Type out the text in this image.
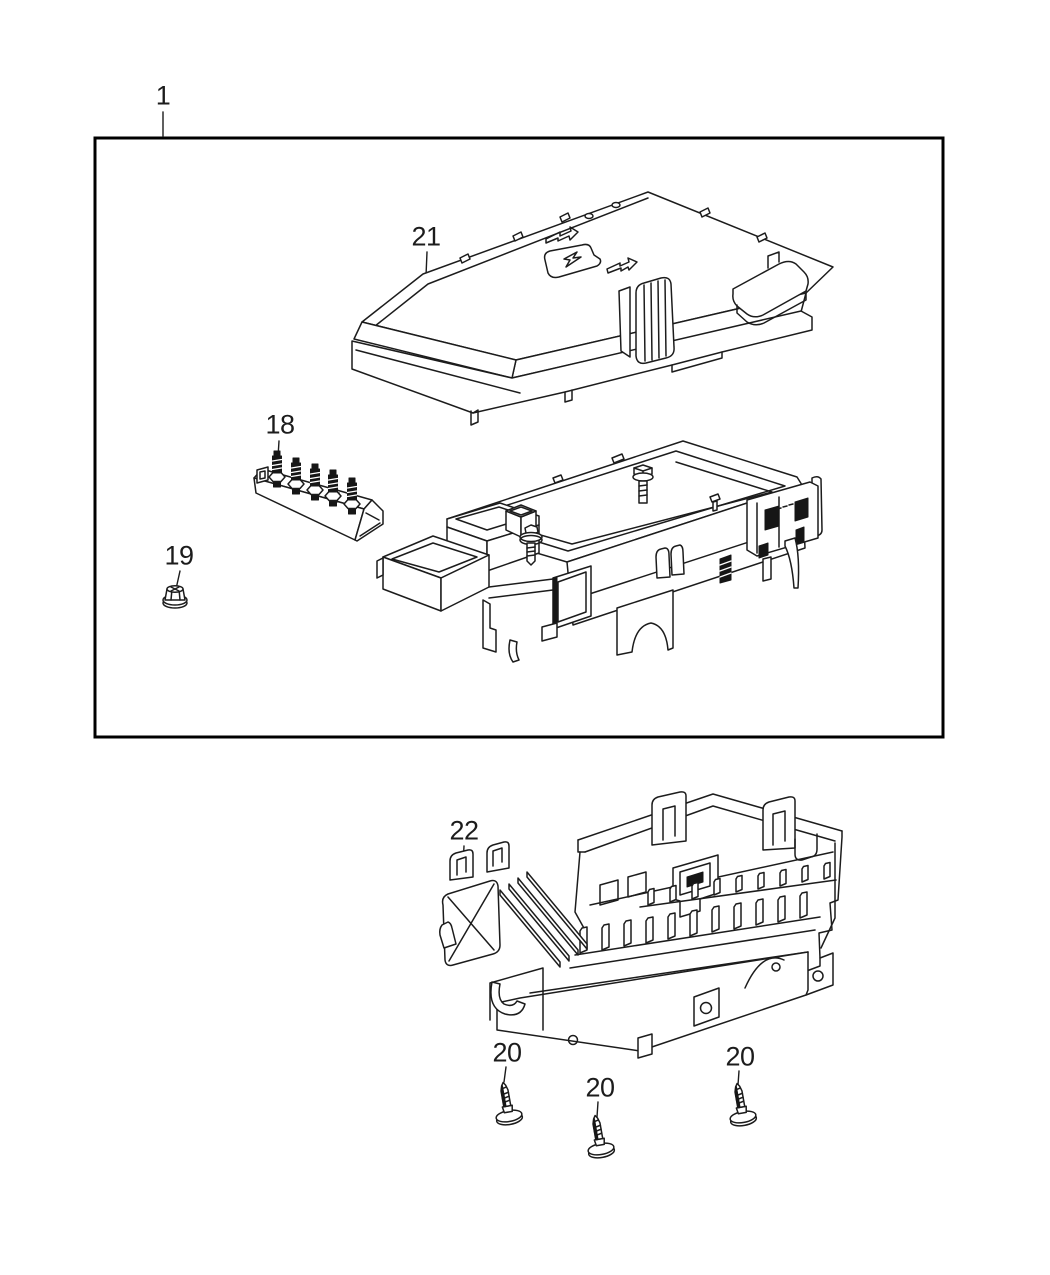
1
21
18
19
22
20
20
20
